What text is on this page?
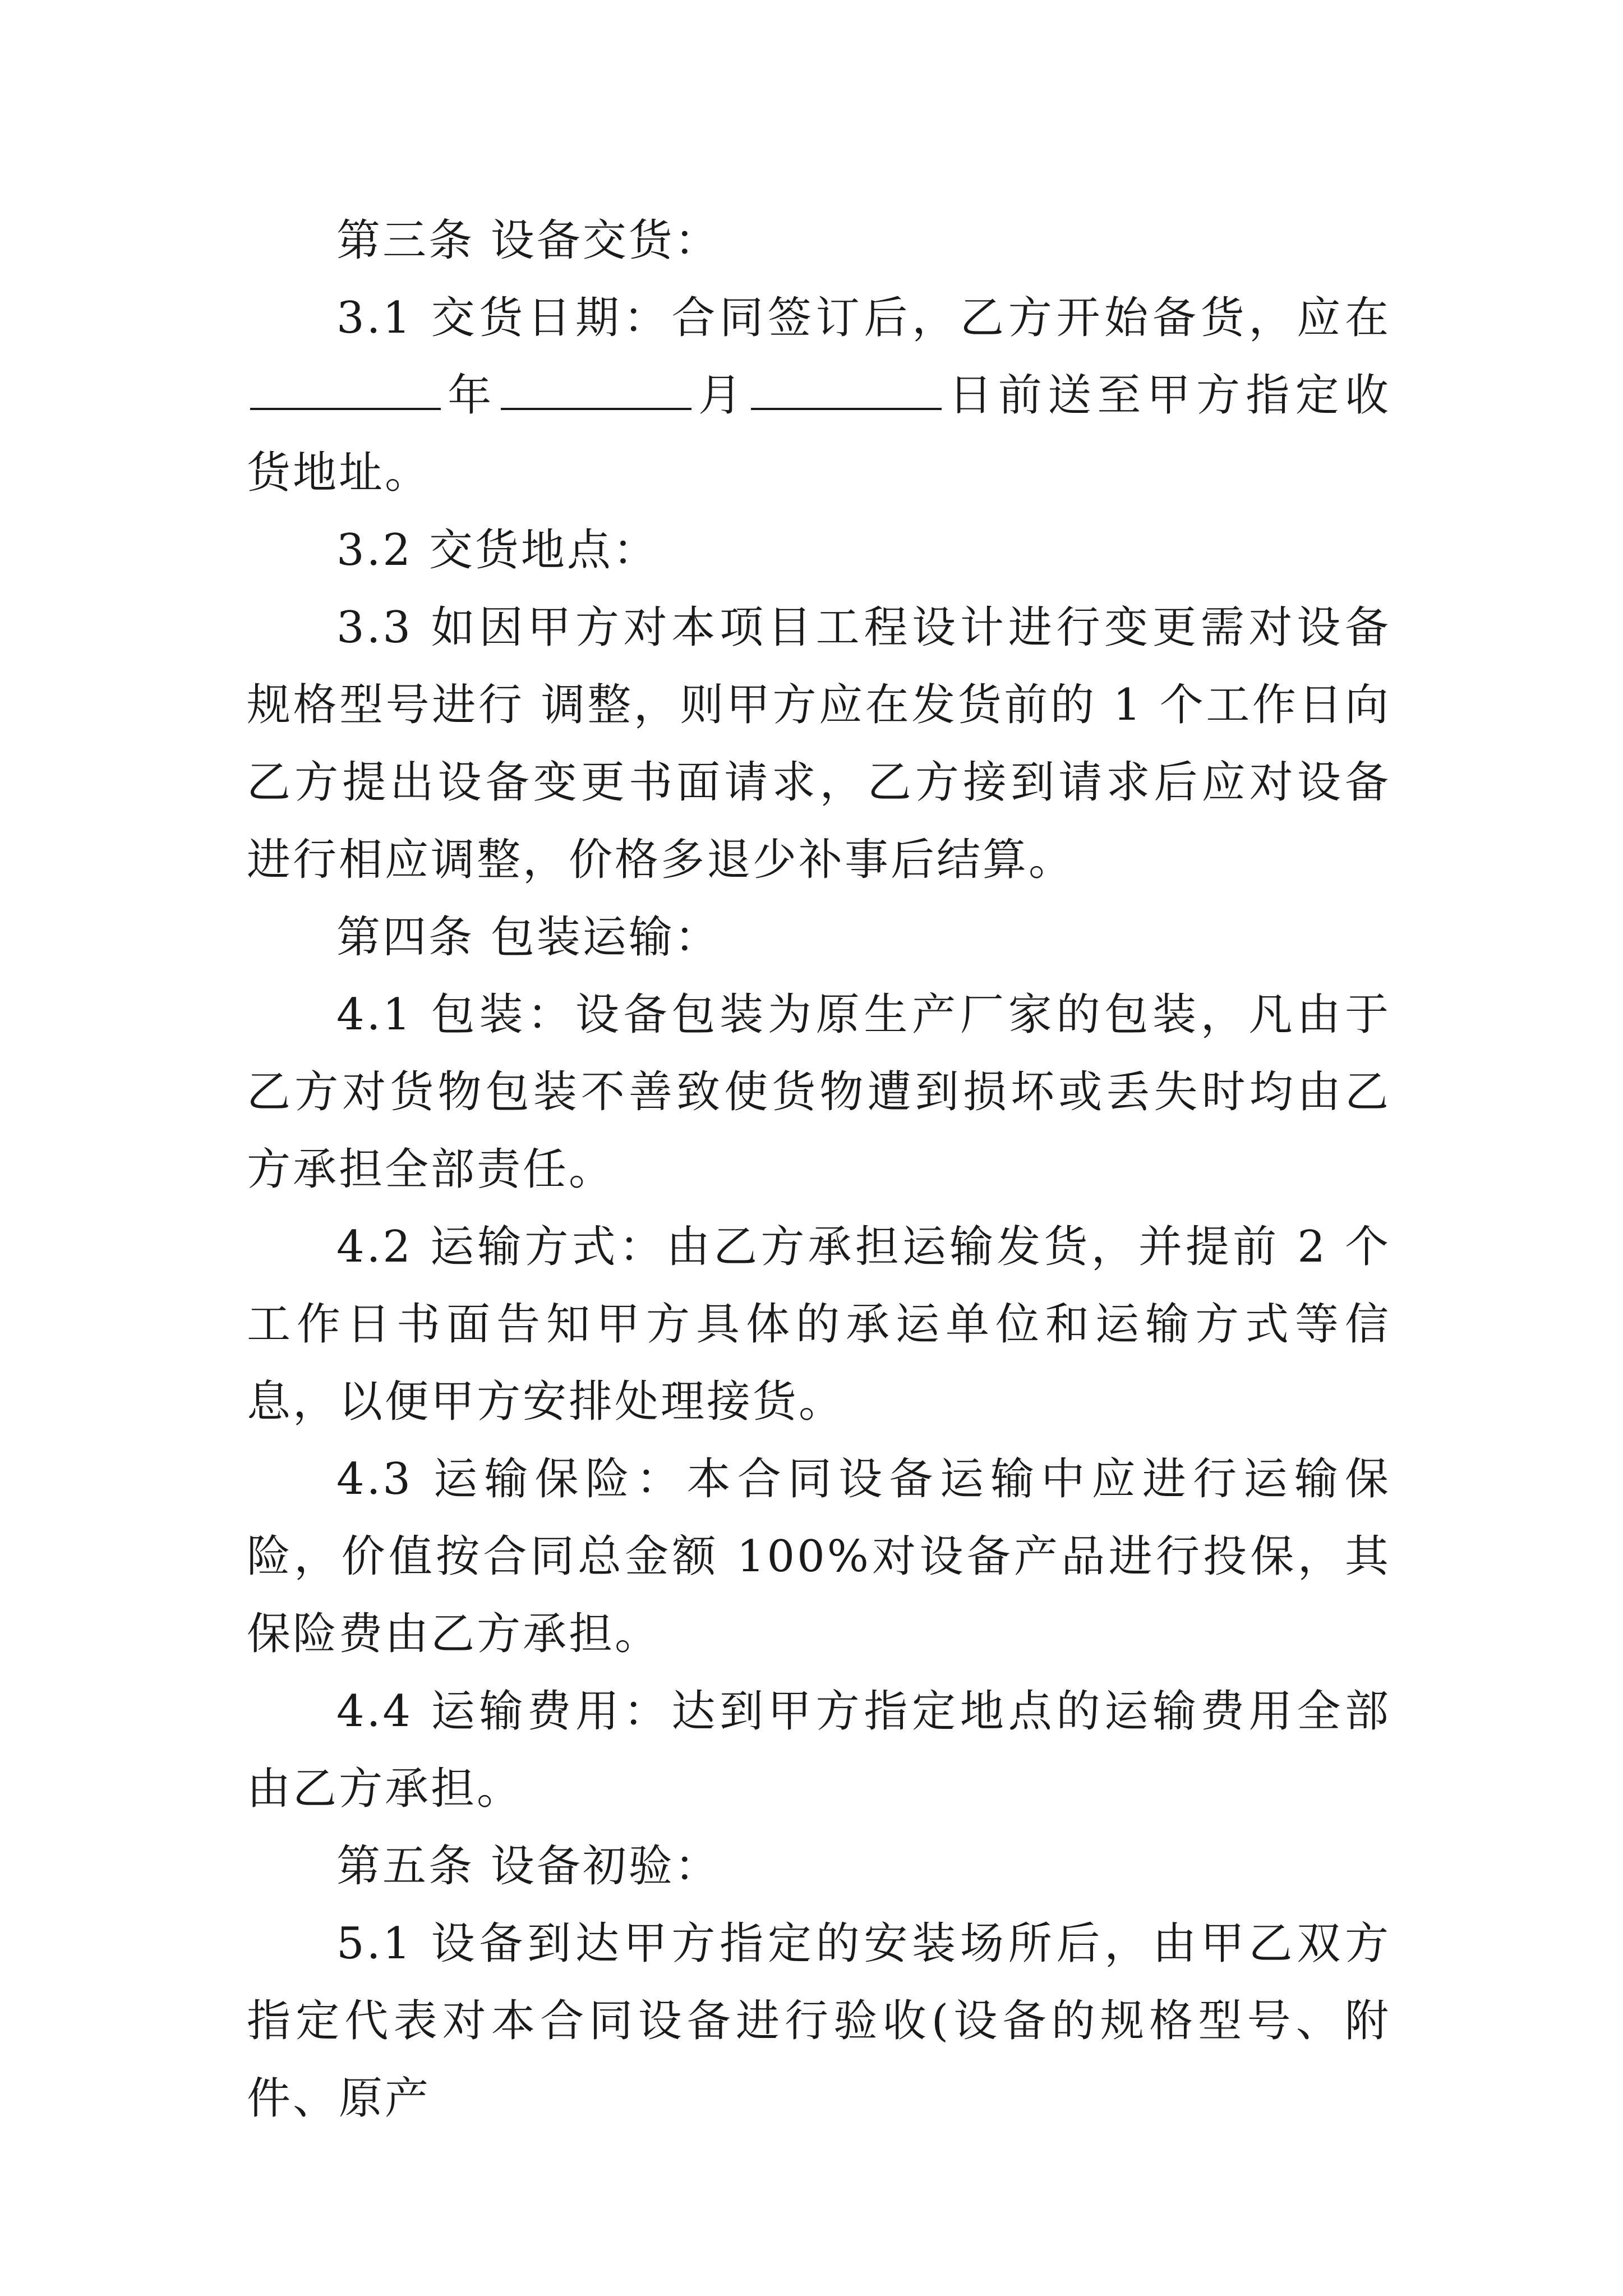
第三条 设备交货：

3.1 交货日期：合同签订后，乙方开始备货，应在年	月	日前送至甲方指定收货地址。

3.2 交货地点：

3.3 如因甲方对本项目工程设计进行变更需对设备规格型号进行 调整，则甲方应在发货前的 1 个工作日向乙方提出设备变更书面请求，乙方接到请求后应对设备进行相应调整，价格多退少补事后结算。

第四条 包装运输：

4.1 包装：设备包装为原生产厂家的包装，凡由于乙方对货物包装不善致使货物遭到损坏或丢失时均由乙方承担全部责任。

4.2 运输方式：由乙方承担运输发货，并提前 2 个工作日书面告知甲方具体的承运单位和运输方式等信息，以便甲方安排处理接货。

4.3 运输保险：本合同设备运输中应进行运输保险，价值按合同总金额 100%对设备产品进行投保，其保险费由乙方承担。

4.4 运输费用：达到甲方指定地点的运输费用全部由乙方承担。

第五条 设备初验：

5.1 设备到达甲方指定的安装场所后，由甲乙双方指定代表对本合同设备进行验收(设备的规格型号、附件、原产
